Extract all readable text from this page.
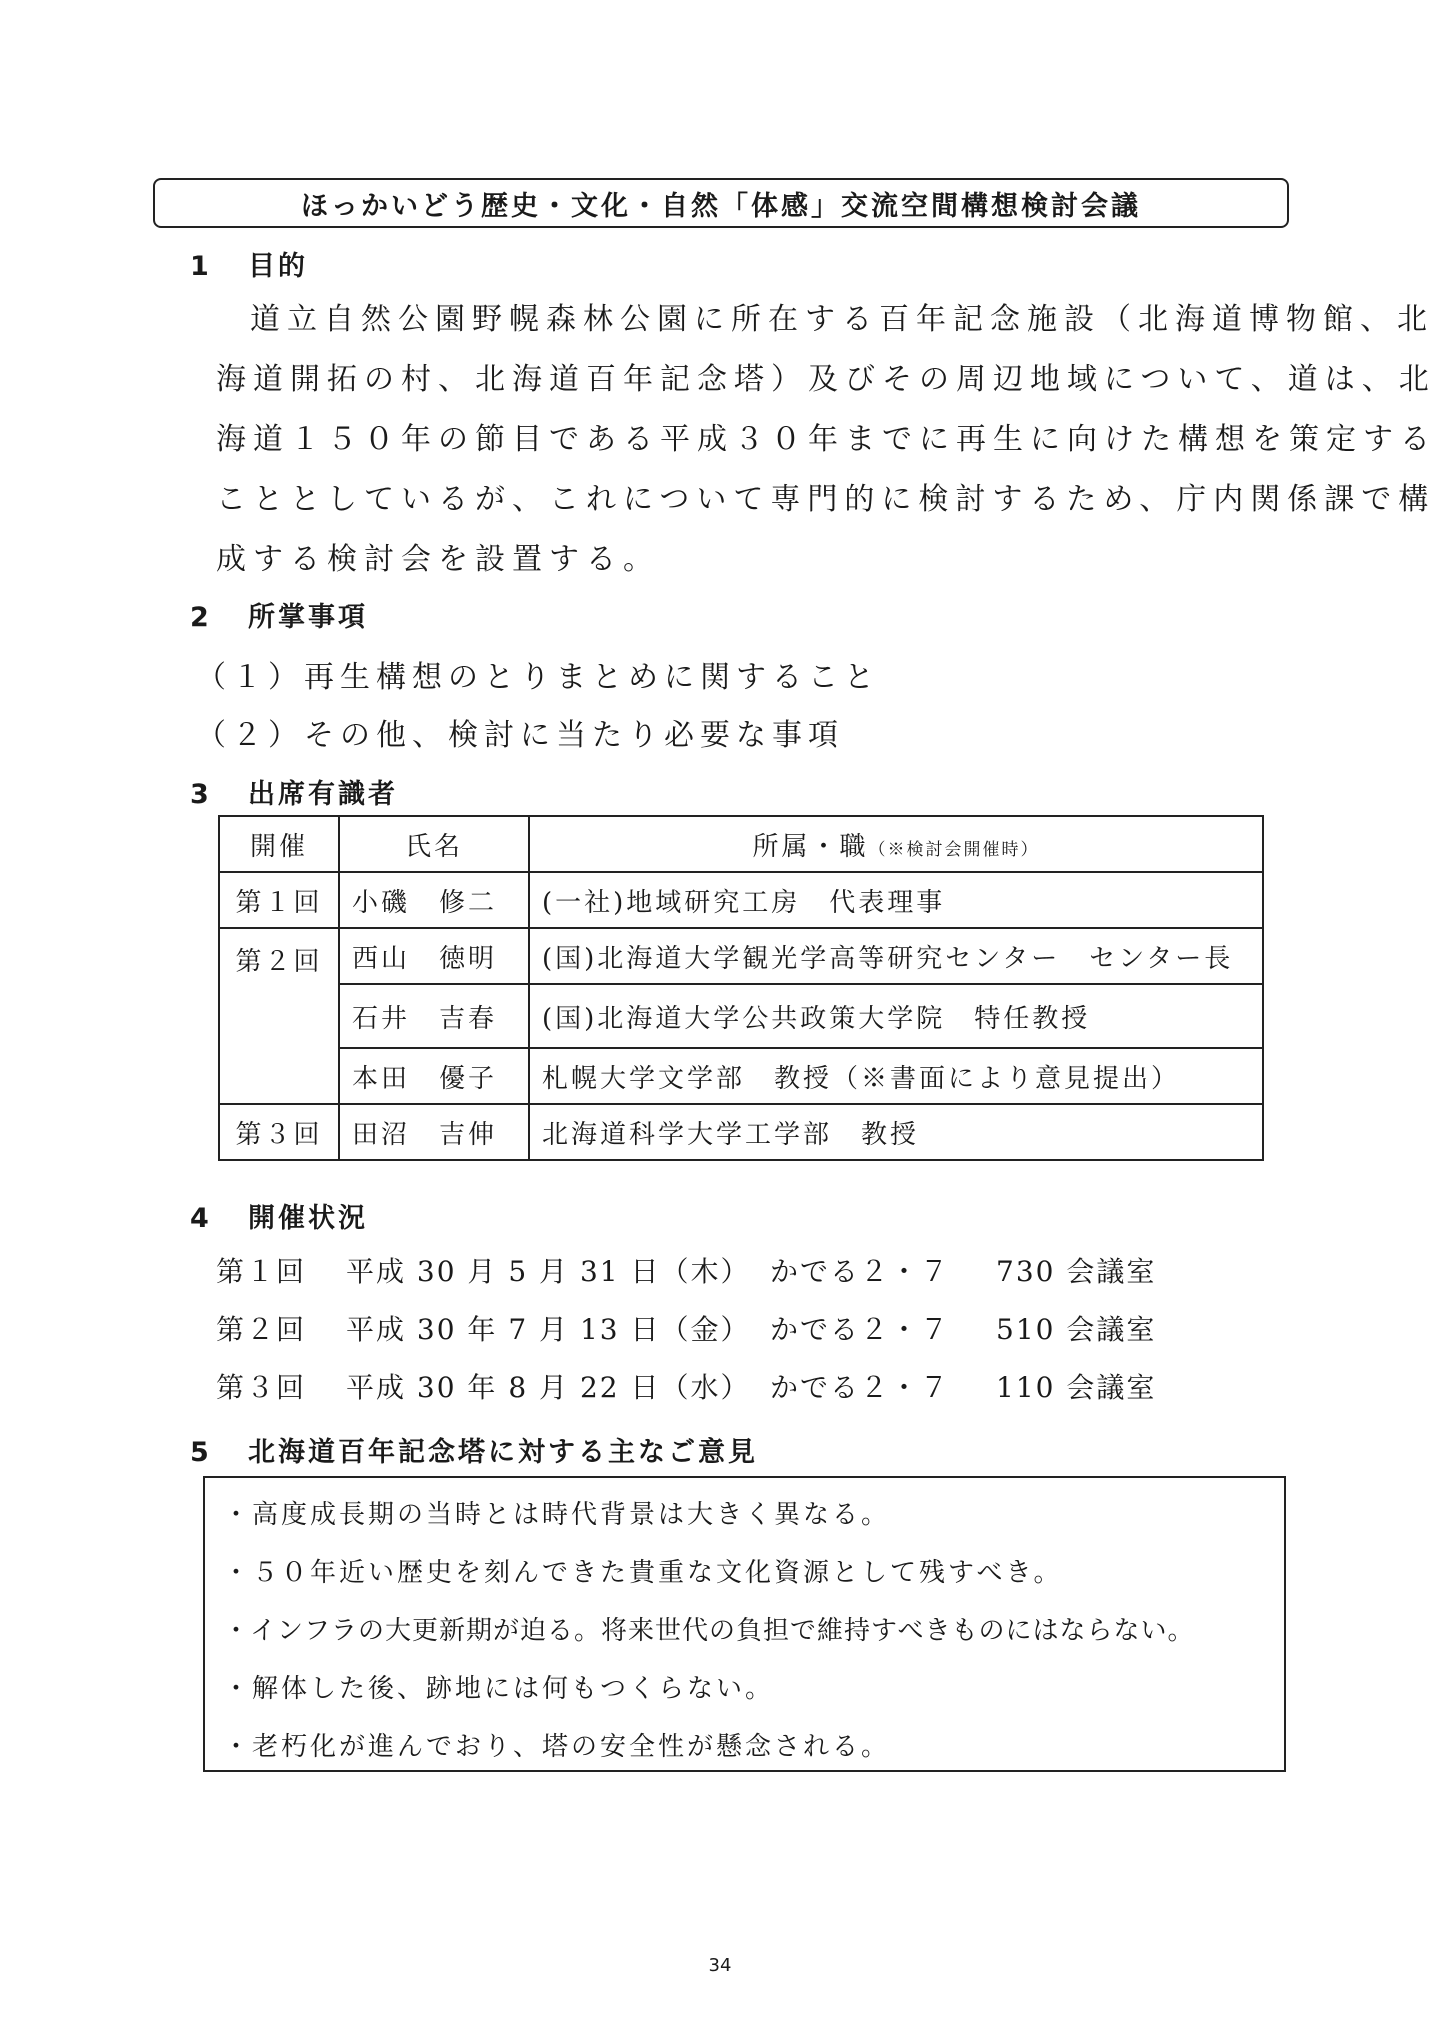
ほっかいどう歴史・文化・自然「体感」交流空間構想検討会議
1 目的
道立自然公園野幌森林公園に所在する百年記念施設（北海道博物館、北
海道開拓の村、北海道百年記念塔）及びその周辺地域について、道は、北
海道１５０年の節目である平成３０年までに再生に向けた構想を策定する
こととしているが、これについて専門的に検討するため、庁内関係課で構
成する検討会を設置する。
2 所掌事項
（１）再生構想のとりまとめに関すること
（２）その他、検討に当たり必要な事項
3 出席有識者
開催	氏名	所属・職（※検討会開催時）
第１回	小磯　修二	(一社)地域研究工房　代表理事
第２回	西山　徳明	(国)北海道大学観光学高等研究センター　センター長
	石井　吉春	(国)北海道大学公共政策大学院　特任教授
	本田　優子	札幌大学文学部　教授（※書面により意見提出）
第３回	田沼　吉伸	北海道科学大学工学部　教授
4 開催状況
第１回 平成 30 月 5 月 31 日（木） かでる２・７ 730 会議室
第２回 平成 30 年 7 月 13 日（金） かでる２・７ 510 会議室
第３回 平成 30 年 8 月 22 日（水） かでる２・７ 110 会議室
5 北海道百年記念塔に対する主なご意見
・高度成長期の当時とは時代背景は大きく異なる。
・５０年近い歴史を刻んできた貴重な文化資源として残すべき。
・インフラの大更新期が迫る。将来世代の負担で維持すべきものにはならない。
・解体した後、跡地には何もつくらない。
・老朽化が進んでおり、塔の安全性が懸念される。
34
